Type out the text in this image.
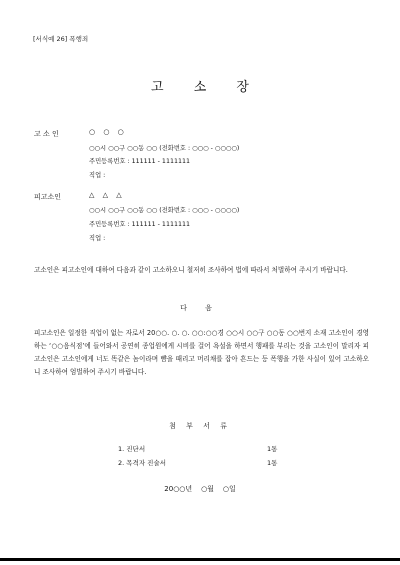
[서식예 26] 폭행죄
고 소 장
고 소 인	○ ○ ○
○○시 ○○구 ○○동 ○○ (전화번호 : ○○○ - ○○○○)
주민등록번호 : 111111 - 1111111
직업 :
피고소인	△ △ △
○○시 ○○구 ○○동 ○○ (전화번호 : ○○○ - ○○○○)
주민등록번호 : 111111 - 1111111
직업 :
고소인은 피고소인에 대하여 다음과 같이 고소하오니 철저히 조사하여 법에 따라서 처벌하여 주시기 바랍니다.
다 음
피고소인은 일정한 직업이 없는 자로서 20○○. ○. ○. ○○:○○경 ○○시 ○○구 ○○동 ○○번지 소재 고소인이 경영하는 ‘○○음식점’에 들어와서 공연히 종업원에게 시비를 걸어 욕설을 하면서 행패를 부리는 것을 고소인이 말리자 피고소인은 고소인에게 너도 똑같은 놈이라며 뺨을 때리고 머리채를 잡아 흔드는 등 폭행을 가한 사실이 있어 고소하오니 조사하여 엄벌하여 주시기 바랍니다.
첨 부 서 류
1. 진단서	1통
2. 목격자 진술서	1통
20○○년    ○월    ○일
